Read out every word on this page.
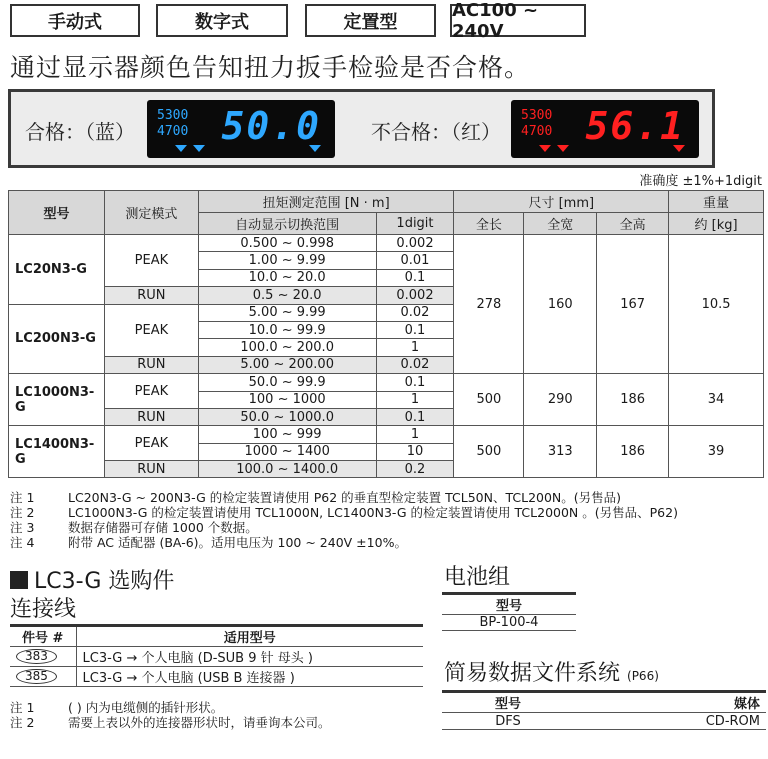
手动式	数字式	定置型
AC100 ~ 240V
通过显示器颜色告知扭力扳手检验是否合格。
合格：（蓝）
5300
4700 50.0	不合格：（红）
5300
4700 56.1
准确度 ±1%+1digit
型号	测定模式	扭矩测定范围 [N · m]		尺寸 [mm]			重量
		自动显示切换范围	1digit	全长	全宽	全高	约 [kg]
LC20N3-G	PEAK	0.500 ~ 0.998	0.002	278	160	167	10.5
		1.00 ~ 9.99	0.01				
		10.0 ~ 20.0	0.1				
	RUN	0.5 ~ 20.0	0.002				
LC200N3-G	PEAK	5.00 ~ 9.99	0.02				
		10.0 ~ 99.9	0.1				
		100.0 ~ 200.0	1				
	RUN	5.00 ~ 200.00	0.02				
LC1000N3-G	PEAK	50.0 ~ 99.9	0.1	500	290	186	34
		100 ~ 1000	1				
	RUN	50.0 ~ 1000.0	0.1				
LC1400N3-G	PEAK	100 ~ 999	1	500	313	186	39
		1000 ~ 1400	10				
	RUN	100.0 ~ 1400.0	0.2				
注 1	LC20N3-G ~ 200N3-G 的检定装置请使用 P62 的垂直型检定装置 TCL50N、TCL200N。(另售品)
注 2	LC1000N3-G 的检定装置请使用 TCL1000N, LC1400N3-G 的检定装置请使用 TCL2000N 。(另售品、P62)
注 3	数据存储器可存储 1000 个数据。
注 4	附带 AC 适配器 (BA-6)。适用电压为 100 ~ 240V ±10%。
LC3-G 选购件
连接线
件号 #	适用型号
383	LC3-G → 个人电脑 (D-SUB 9 针 母头 )
385	LC3-G → 个人电脑 (USB B 连接器 )
注 1	( ) 内为电缆侧的插针形状。
注 2	需要上表以外的连接器形状时，请垂询本公司。
电池组
型号
BP-100-4
简易数据文件系统 (P66)
型号	媒体
DFS	CD-ROM
